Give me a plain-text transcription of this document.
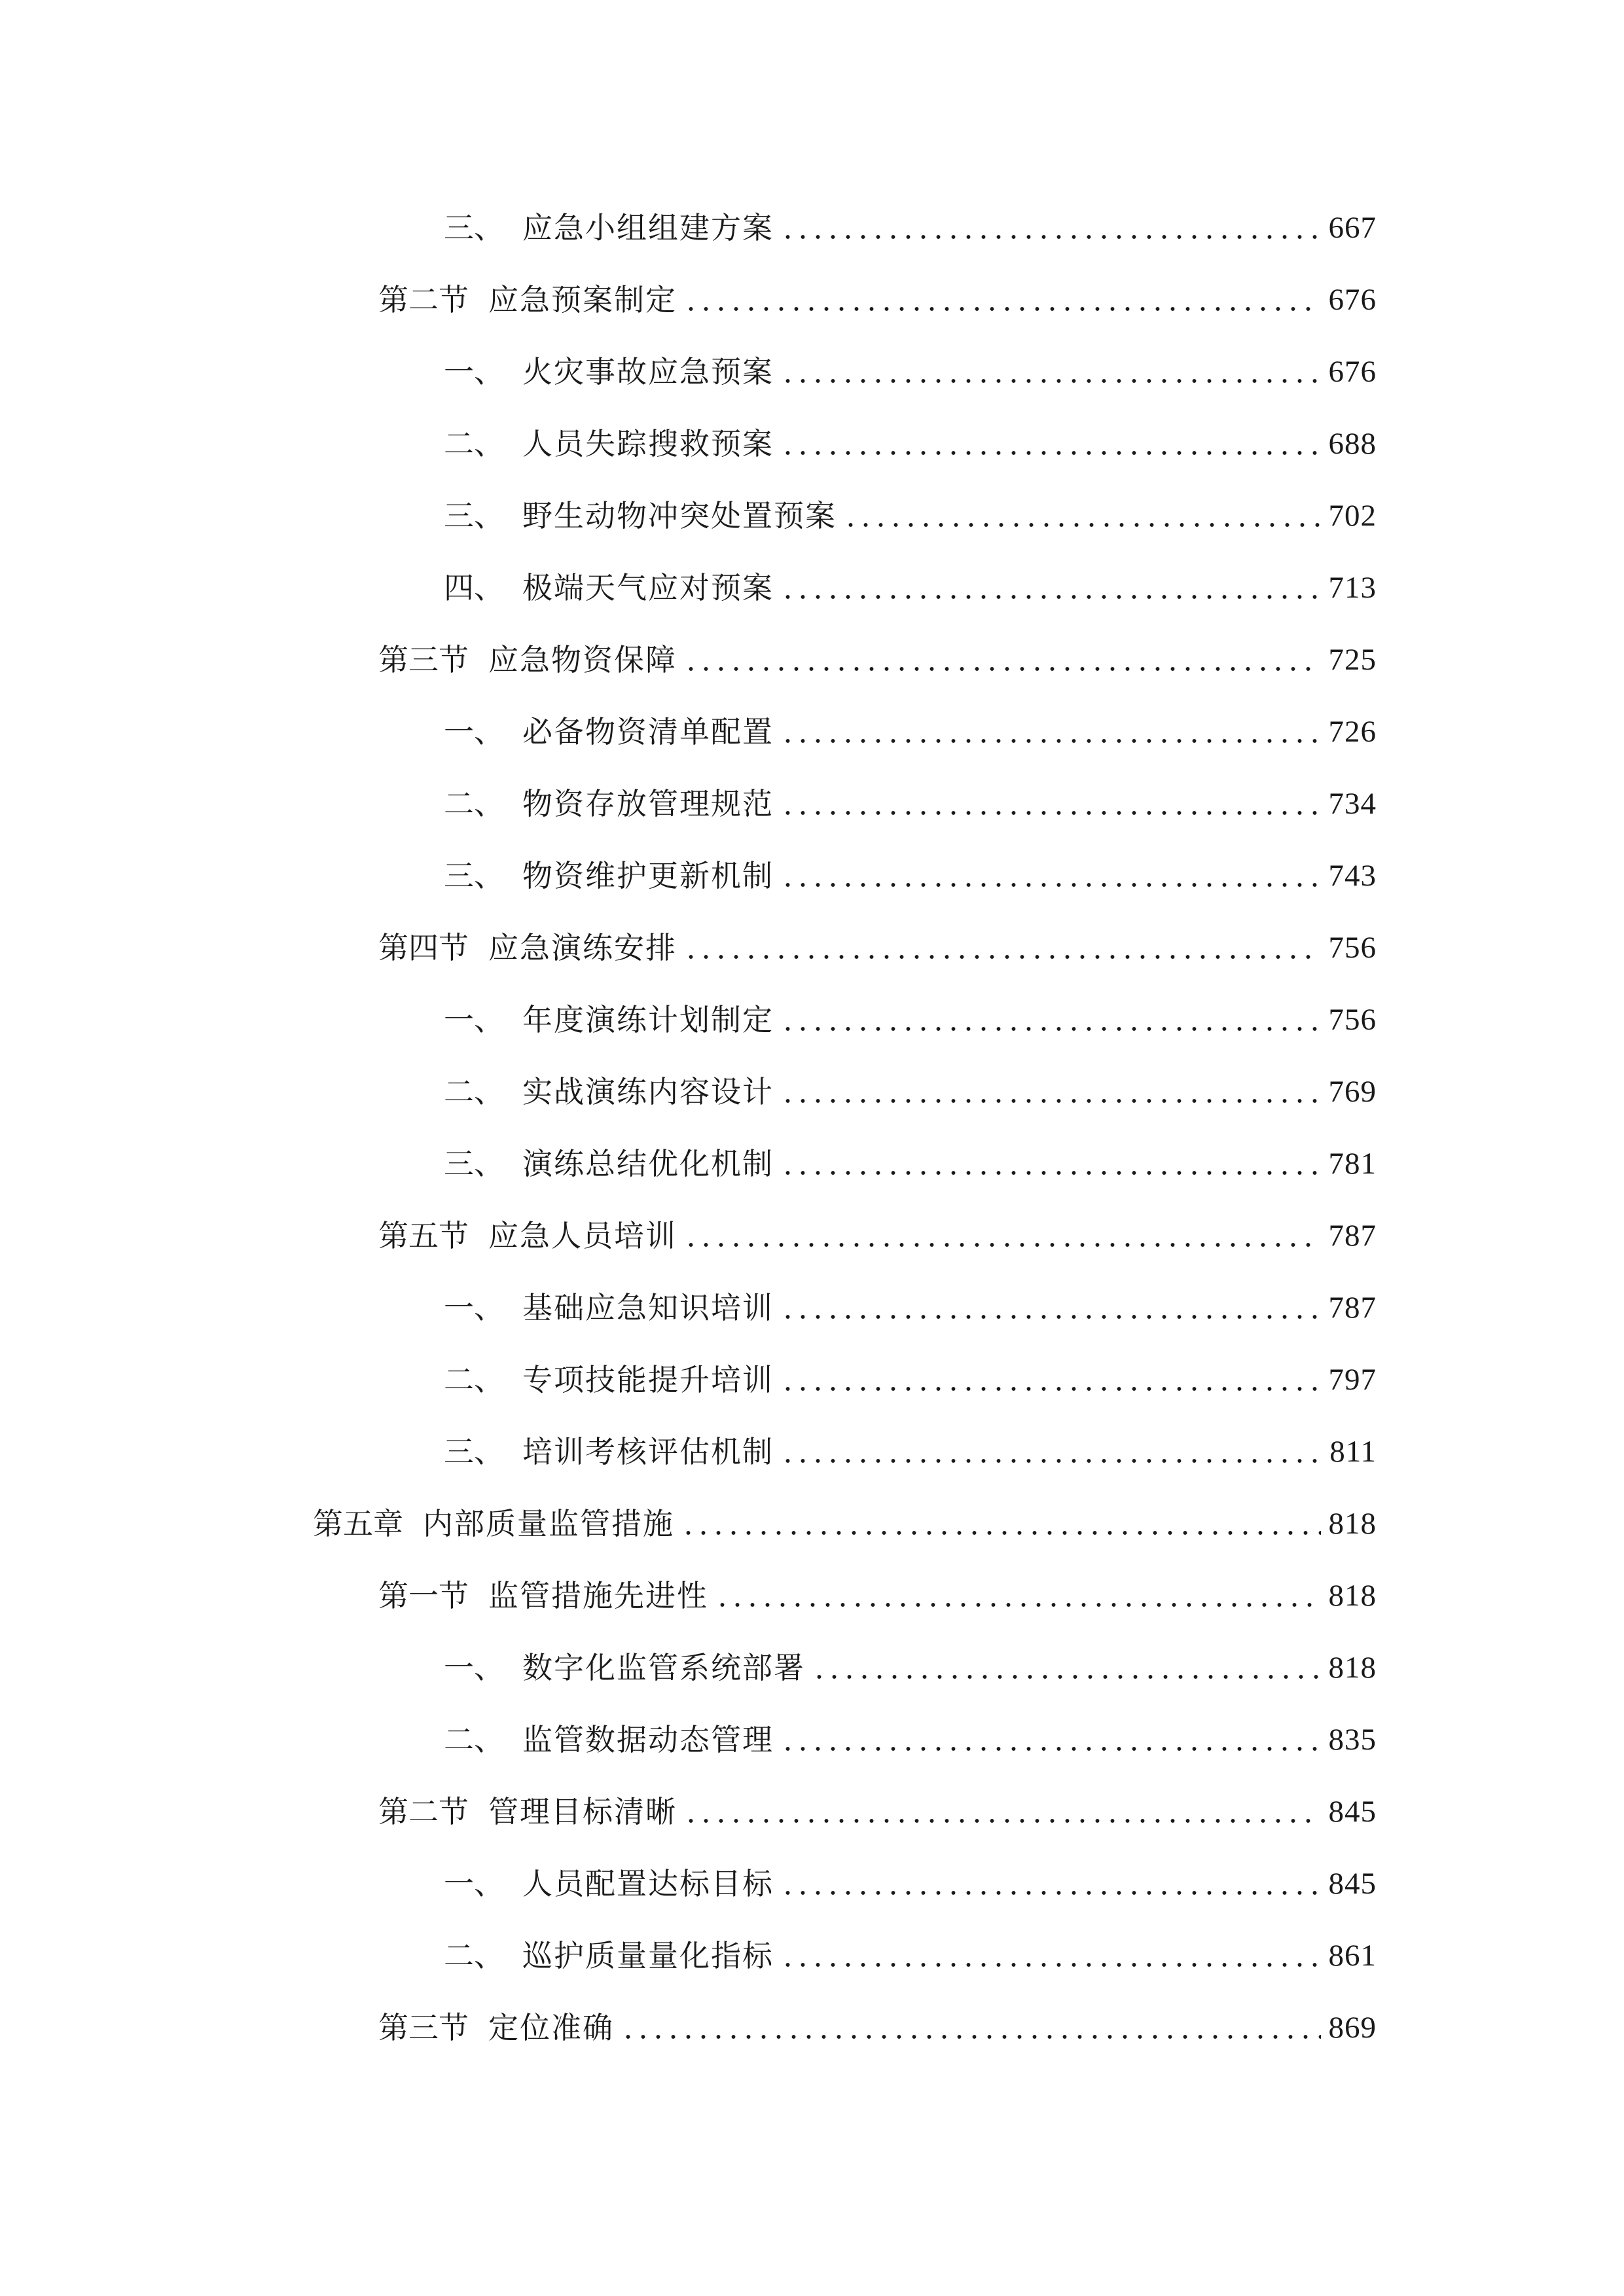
三、 应急小组组建方案	667
第二节 应急预案制定	676
一、 火灾事故应急预案	676
二、 人员失踪搜救预案	688
三、 野生动物冲突处置预案	702
四、 极端天气应对预案	713
第三节 应急物资保障	725
一、 必备物资清单配置	726
二、 物资存放管理规范	734
三、 物资维护更新机制	743
第四节 应急演练安排	756
一、 年度演练计划制定	756
二、 实战演练内容设计	769
三、 演练总结优化机制	781
第五节 应急人员培训	787
一、 基础应急知识培训	787
二、 专项技能提升培训	797
三、 培训考核评估机制	811
第五章 内部质量监管措施	818
第一节 监管措施先进性	818
一、 数字化监管系统部署	818
二、 监管数据动态管理	835
第二节 管理目标清晰	845
一、 人员配置达标目标	845
二、 巡护质量量化指标	861
第三节 定位准确	869
